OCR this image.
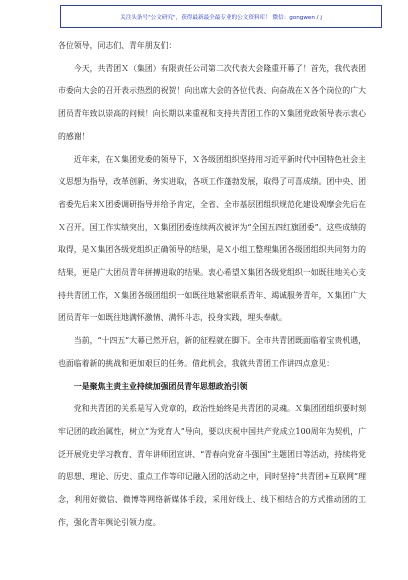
关注头条号"公文研究"，获得最新最全最专业的公文资料库！ 微信：gongwen / j

各位领导，同志们、青年朋友们：

今天，共青团Ｘ（集团）有限责任公司第二次代表大会隆重开幕了！首先，我代表团市委向大会的召开表示热烈的祝贺！向出席大会的各位代表、向奋战在Ｘ各个岗位的广大团员青年致以崇高的问候！向长期以来重视和支持共青团工作的Ｘ集团党政领导表示衷心的感谢！

近年来，在Ｘ集团党委的领导下，Ｘ各级团组织坚持用习近平新时代中国特色社会主义思想为指导，改革创新、务实进取，各项工作蓬勃发展，取得了可喜成绩。团中央、团省委先后来Ｘ团委调研指导并给予肯定，全省、全市基层团组织规范化建设观摩会先后在Ｘ召开。国工作实绩突出，Ｘ集团团委连续两次被评为“全国五四红旗团委”。这些成绩的取得，是Ｘ集团各级党组织正确领导的结果，是Ｘ小组工整理集团各级团组织共同努力的结果，更是广大团员青年拼搏进取的结果。衷心希望Ｘ集团各级党组织一如既往地关心支持共青团工作，Ｘ集团各级团组织一如既往地紧密联系青年、竭诚服务青年，Ｘ集团广大团员青年一如既往地满怀激情、满怀斗志，投身实践，埋头奉献。

当前，“十四五”大幕已然开启，新的征程就在脚下。全市共青团既面临着宝贵机遇，也面临着新的挑战和更加艰巨的任务。借此机会，我就共青团工作讲四点意见：

一是聚焦主责主业持续加强团员青年思想政治引领

党和共青团的关系是写入党章的，政治性始终是共青团的灵魂。Ｘ集团团组织要时刻牢记团的政治属性，树立“为党育人”导向，要以庆祝中国共产党成立100周年为契机，广泛开展党史学习教育、青年讲师团宣讲、“青春向党奋斗强国”主题团日等活动，持续将党的思想、理论、历史、重点工作等印记融入团的活动之中，同时坚持“共青团+互联网”理念，利用好微信、微博等网络新媒体手段，采用好线上、线下相结合的方式推动团的工作，强化青年舆论引领力度。
